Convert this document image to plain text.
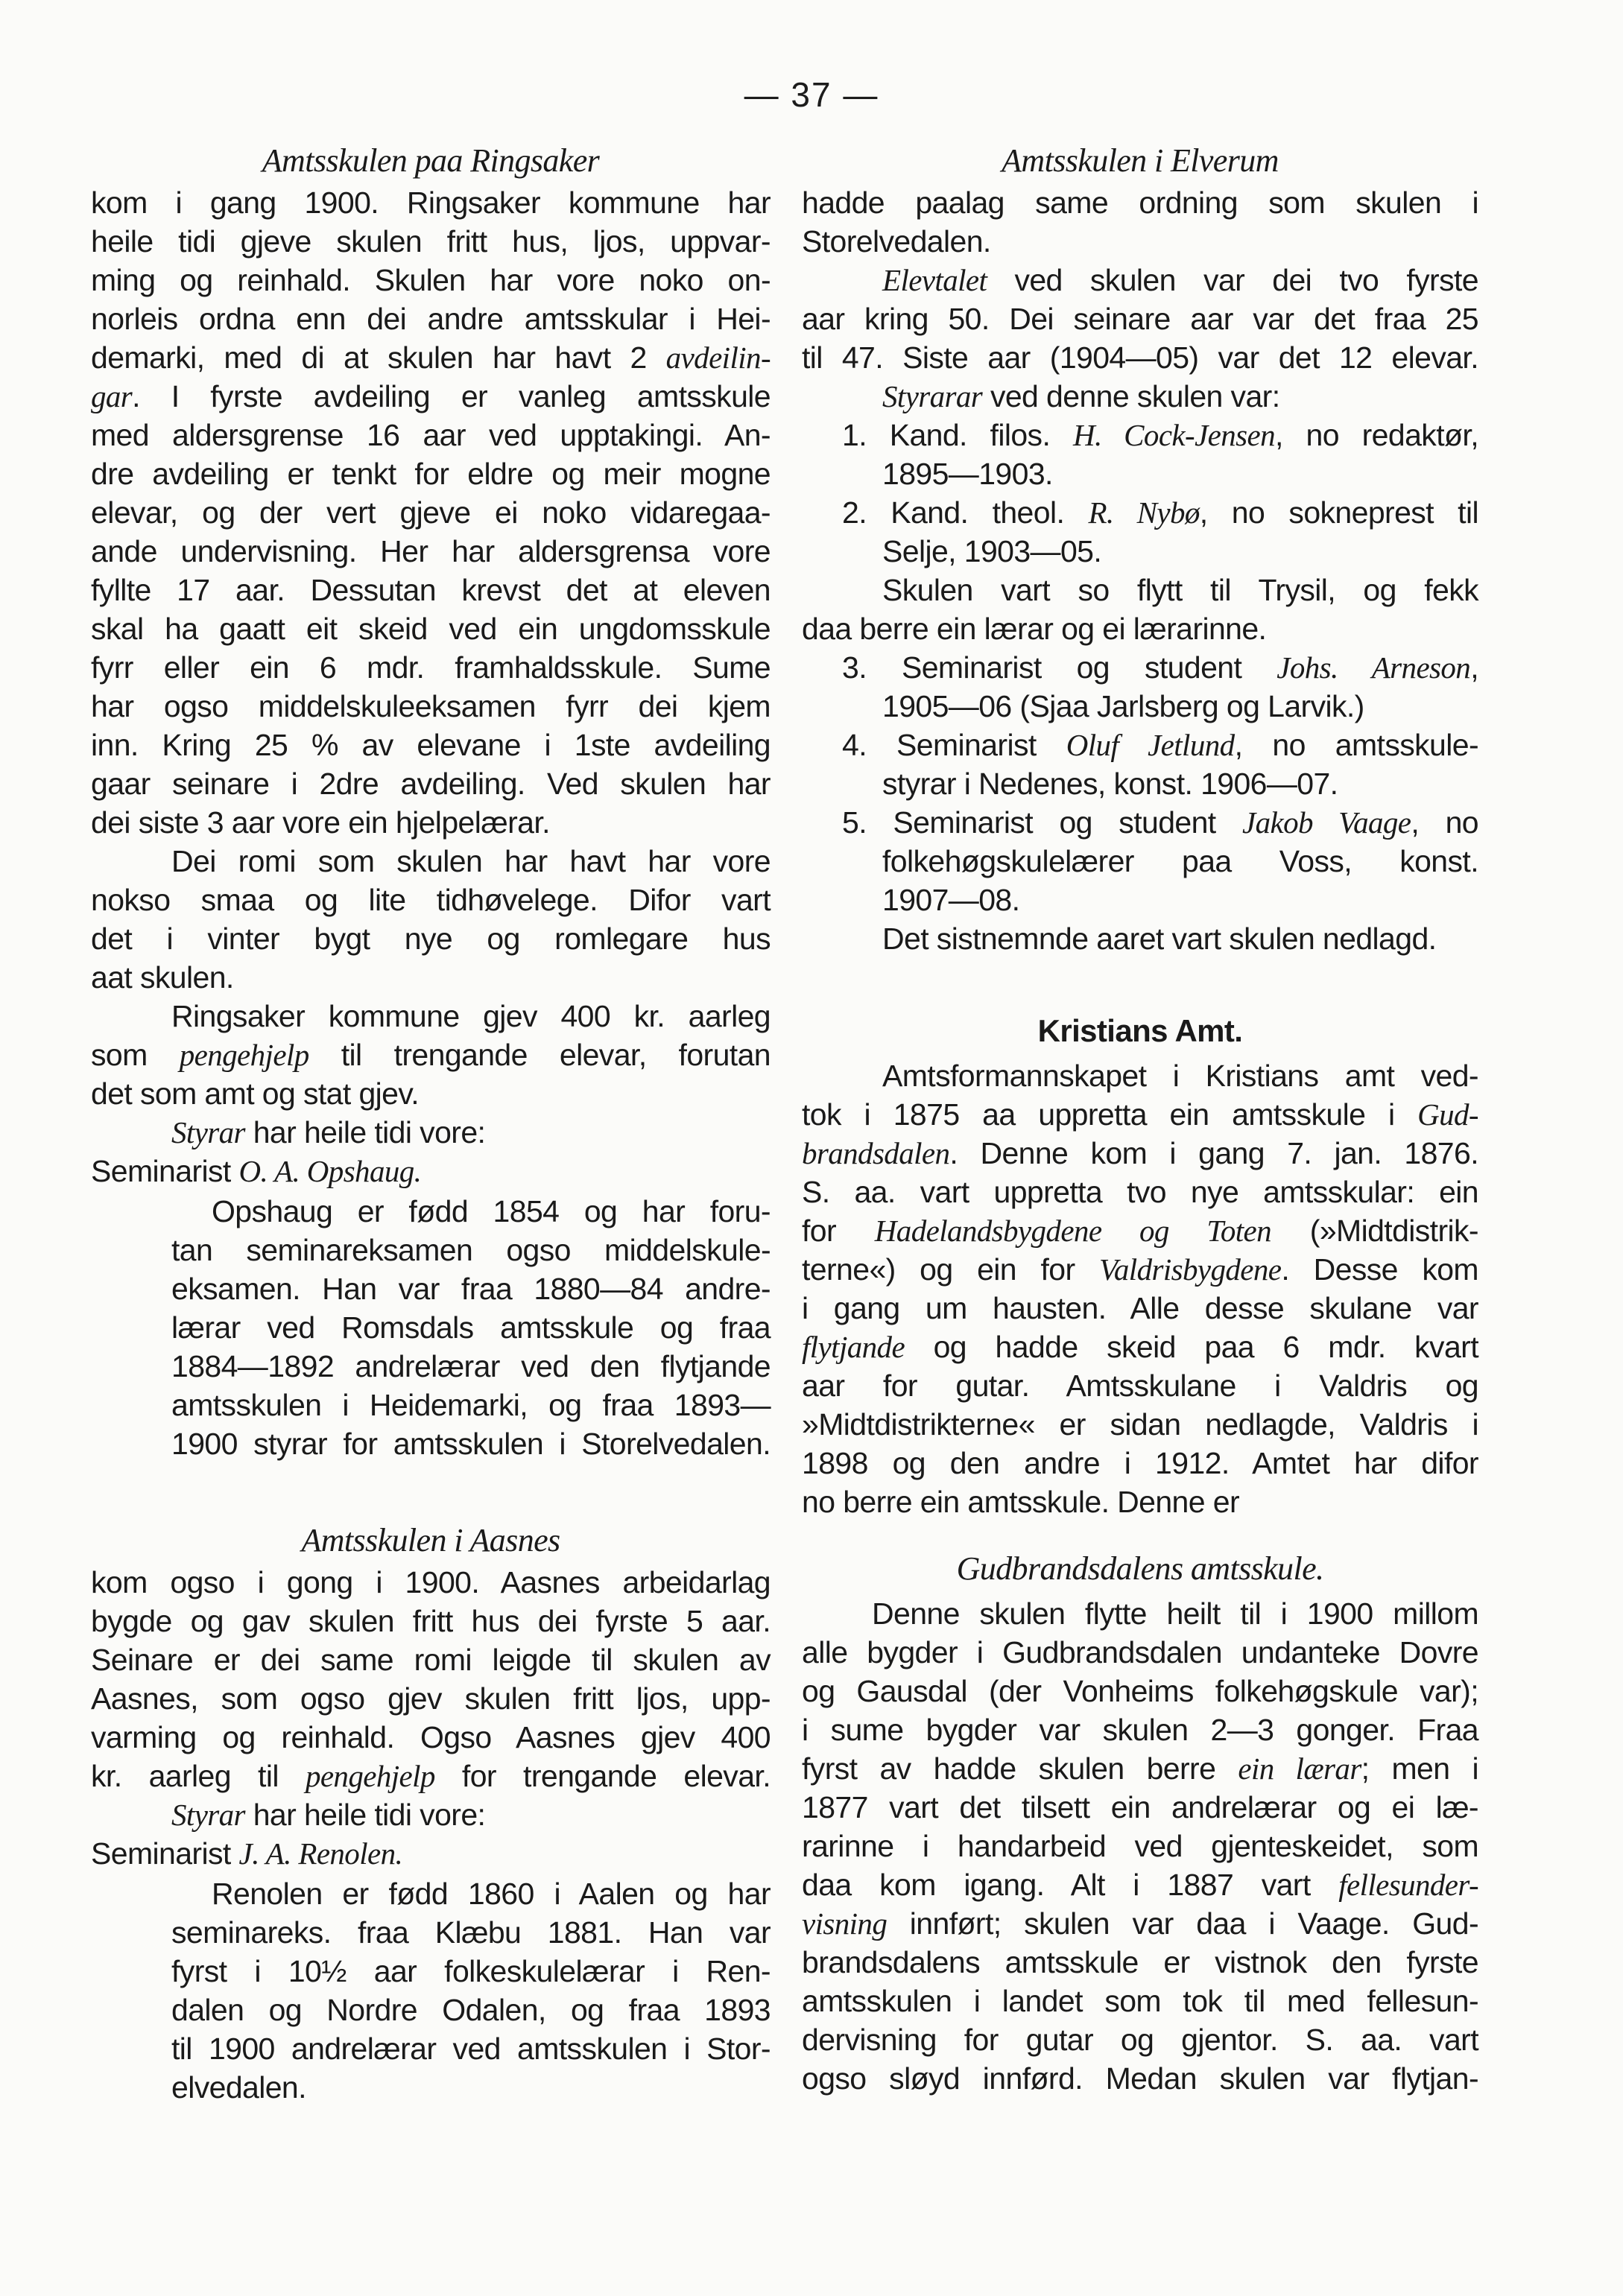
— 37 —
Amtsskulen paa Ringsaker
kom i gang 1900. Ringsaker kommune har
heile tidi gjeve skulen fritt hus, ljos, uppvar-
ming og reinhald. Skulen har vore noko on-
norleis ordna enn dei andre amtsskular i Hei-
demarki, med di at skulen har havt 2 avdeilin-
gar. I fyrste avdeiling er vanleg amtsskule
med aldersgrense 16 aar ved upptakingi. An-
dre avdeiling er tenkt for eldre og meir mogne
elevar, og der vert gjeve ei noko vidaregaa-
ande undervisning. Her har aldersgrensa vore
fyllte 17 aar. Dessutan krevst det at eleven
skal ha gaatt eit skeid ved ein ungdomsskule
fyrr eller ein 6 mdr. framhaldsskule. Sume
har ogso middelskuleeksamen fyrr dei kjem
inn. Kring 25 % av elevane i 1ste avdeiling
gaar seinare i 2dre avdeiling. Ved skulen har
dei siste 3 aar vore ein hjelpelærar.
Dei romi som skulen har havt har vore
nokso smaa og lite tidhøvelege. Difor vart
det i vinter bygt nye og romlegare hus
aat skulen.
Ringsaker kommune gjev 400 kr. aarleg
som pengehjelp til trengande elevar, forutan
det som amt og stat gjev.
Styrar har heile tidi vore:
Seminarist O. A. Opshaug.
Opshaug er fødd 1854 og har foru-
tan seminareksamen ogso middelskule-
eksamen. Han var fraa 1880—84 andre-
lærar ved Romsdals amtsskule og fraa
1884—1892 andrelærar ved den flytjande
amtsskulen i Heidemarki, og fraa 1893—
1900 styrar for amtsskulen i Storelvedalen.
Amtsskulen i Aasnes
kom ogso i gong i 1900. Aasnes arbeidarlag
bygde og gav skulen fritt hus dei fyrste 5 aar.
Seinare er dei same romi leigde til skulen av
Aasnes, som ogso gjev skulen fritt ljos, upp-
varming og reinhald. Ogso Aasnes gjev 400
kr. aarleg til pengehjelp for trengande elevar.
Styrar har heile tidi vore:
Seminarist J. A. Renolen.
Renolen er fødd 1860 i Aalen og har
seminareks. fraa Klæbu 1881. Han var
fyrst i 10½ aar folkeskulelærar i Ren-
dalen og Nordre Odalen, og fraa 1893
til 1900 andrelærar ved amtsskulen i Stor-
elvedalen.
Amtsskulen i Elverum
hadde paalag same ordning som skulen i
Storelvedalen.
Elevtalet ved skulen var dei tvo fyrste
aar kring 50. Dei seinare aar var det fraa 25
til 47. Siste aar (1904—05) var det 12 elevar.
Styrarar ved denne skulen var:
1. Kand. filos. H. Cock-Jensen, no redaktør,
1895—1903.
2. Kand. theol. R. Nybø, no sokneprest til
Selje, 1903—05.
Skulen vart so flytt til Trysil, og fekk
daa berre ein lærar og ei lærarinne.
3. Seminarist og student Johs. Arneson,
1905—06 (Sjaa Jarlsberg og Larvik.)
4. Seminarist Oluf Jetlund, no amtsskule-
styrar i Nedenes, konst. 1906—07.
5. Seminarist og student Jakob Vaage, no
folkehøgskulelærer paa Voss, konst.
1907—08.
Det sistnemnde aaret vart skulen nedlagd.
Kristians Amt.
Amtsformannskapet i Kristians amt ved-
tok i 1875 aa uppretta ein amtsskule i Gud-
brandsdalen. Denne kom i gang 7. jan. 1876.
S. aa. vart uppretta tvo nye amtsskular: ein
for Hadelandsbygdene og Toten (»Midtdistrik-
terne«) og ein for Valdrisbygdene. Desse kom
i gang um hausten. Alle desse skulane var
flytjande og hadde skeid paa 6 mdr. kvart
aar for gutar. Amtsskulane i Valdris og
»Midtdistrikterne« er sidan nedlagde, Valdris i
1898 og den andre i 1912. Amtet har difor
no berre ein amtsskule. Denne er
Gudbrandsdalens amtsskule.
Denne skulen flytte heilt til i 1900 millom
alle bygder i Gudbrandsdalen undanteke Dovre
og Gausdal (der Vonheims folkehøgskule var);
i sume bygder var skulen 2—3 gonger. Fraa
fyrst av hadde skulen berre ein lærar; men i
1877 vart det tilsett ein andrelærar og ei læ-
rarinne i handarbeid ved gjenteskeidet, som
daa kom igang. Alt i 1887 vart fellesunder-
visning innført; skulen var daa i Vaage. Gud-
brandsdalens amtsskule er vistnok den fyrste
amtsskulen i landet som tok til med fellesun-
dervisning for gutar og gjentor. S. aa. vart
ogso sløyd innførd. Medan skulen var flytjan-
